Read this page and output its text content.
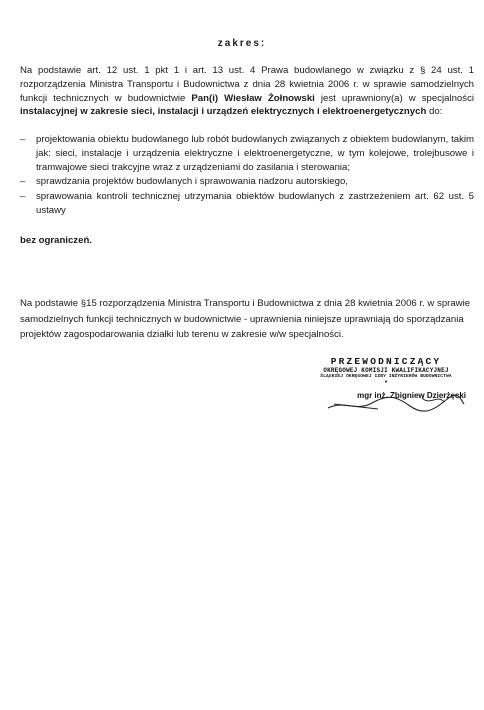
zakres:

Na podstawie art. 12 ust. 1 pkt 1 i art. 13 ust. 4 Prawa budowlanego w związku z § 24 ust. 1 rozporządzenia Ministra Transportu i Budownictwa z dnia 28 kwietnia 2006 r. w sprawie samodzielnych funkcji technicznych w budownictwie Pan(i) Wiesław Żołnowski jest uprawniony(a) w specjalności instalacyjnej w zakresie sieci, instalacji i urządzeń elektrycznych i elektroenergetycznych do:

– projektowania obiektu budowlanego lub robót budowlanych związanych z obiektem budowlanym, takim jak: sieci, instalacje i urządzenia elektryczne i elektroenergetyczne, w tym kolejowe, trolejbusowe i tramwajowe sieci trakcyjne wraz z urządzeniami do zasilania i sterowania;
– sprawdzania projektów budowlanych i sprawowania nadzoru autorskiego,
– sprawowania kontroli technicznej utrzymania obiektów budowlanych z zastrzeżeniem art. 62 ust. 5 ustawy

bez ograniczeń.

Na podstawie §15 rozporządzenia Ministra Transportu i Budownictwa z dnia 28 kwietnia 2006 r. w sprawie samodzielnych funkcji technicznych w budownictwie - uprawnienia niniejsze uprawniają do sporządzania projektów zagospodarowania działki lub terenu w zakresie w/w specjalności.

PRZEWODNICZĄCY
OKRĘGOWEJ KOMISJI KWALIFIKACYJNEJ
ŚLĄSKIEJ OKRĘGOWEJ IZBY INŻYNIERÓW BUDOWNICTWA
•
mgr inż. Zbigniew Dzierżęcki
